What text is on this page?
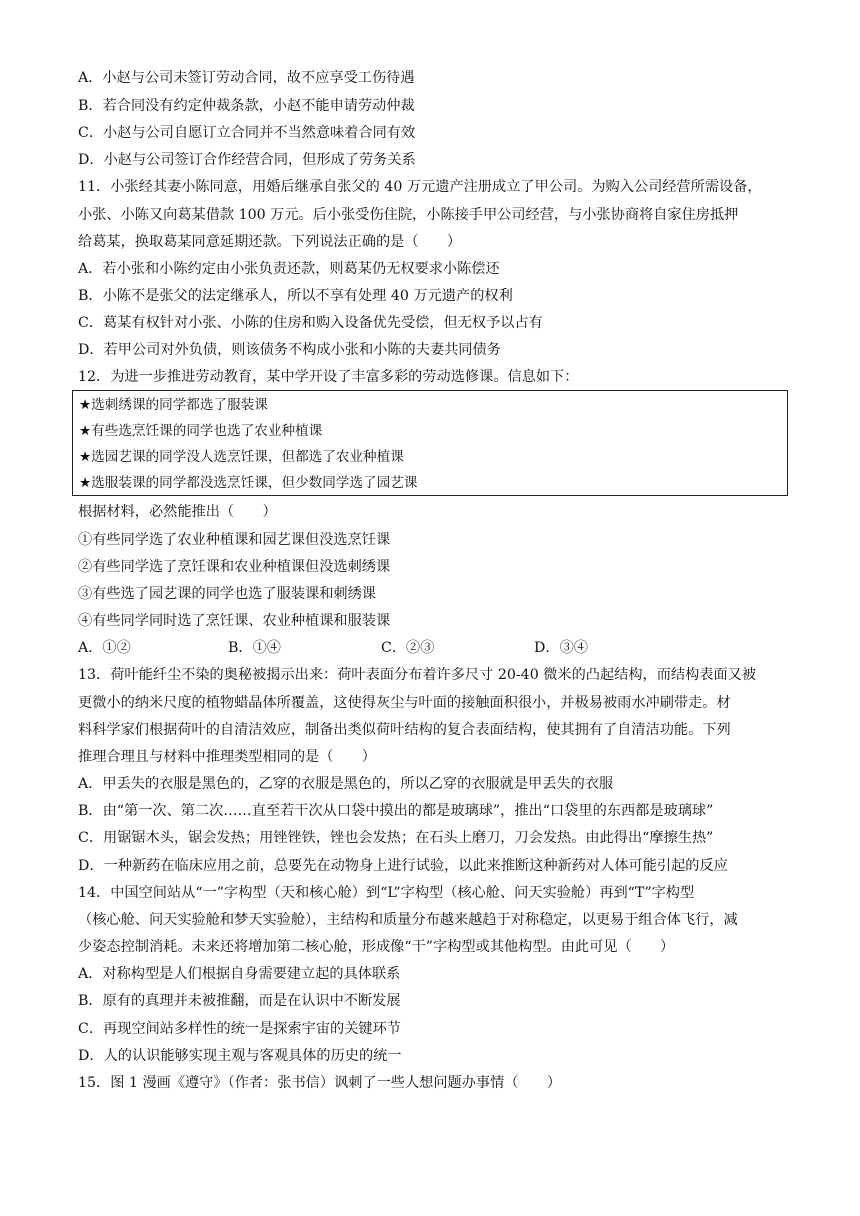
A．小赵与公司未签订劳动合同，故不应享受工伤待遇
B．若合同没有约定仲裁条款，小赵不能申请劳动仲裁
C．小赵与公司自愿订立合同并不当然意味着合同有效
D．小赵与公司签订合作经营合同，但形成了劳务关系
11．小张经其妻小陈同意，用婚后继承自张父的 40 万元遗产注册成立了甲公司。为购入公司经营所需设备，
小张、小陈又向葛某借款 100 万元。后小张受伤住院，小陈接手甲公司经营，与小张协商将自家住房抵押
给葛某，换取葛某同意延期还款。下列说法正确的是（　　）
A．若小张和小陈约定由小张负责还款，则葛某仍无权要求小陈偿还
B．小陈不是张父的法定继承人，所以不享有处理 40 万元遗产的权利
C．葛某有权针对小张、小陈的住房和购入设备优先受偿，但无权予以占有
D．若甲公司对外负债，则该债务不构成小张和小陈的夫妻共同债务
12．为进一步推进劳动教育，某中学开设了丰富多彩的劳动选修课。信息如下：
★选刺绣课的同学都选了服装课
★有些选烹饪课的同学也选了农业种植课
★选园艺课的同学没人选烹饪课，但都选了农业种植课
★选服装课的同学都没选烹饪课，但少数同学选了园艺课
根据材料，必然能推出（　　）
①有些同学选了农业种植课和园艺课但没选烹饪课
②有些同学选了烹饪课和农业种植课但没选刺绣课
③有些选了园艺课的同学也选了服装课和刺绣课
④有些同学同时选了烹饪课、农业种植课和服装课
A．①②	B．①④	C．②③	D．③④
13．荷叶能纤尘不染的奥秘被揭示出来：荷叶表面分布着许多尺寸 20-40 微米的凸起结构，而结构表面又被
更微小的纳米尺度的植物蜡晶体所覆盖，这使得灰尘与叶面的接触面积很小，并极易被雨水冲刷带走。材
料科学家们根据荷叶的自清洁效应，制备出类似荷叶结构的复合表面结构，使其拥有了自清洁功能。下列
推理合理且与材料中推理类型相同的是（　　）
A．甲丢失的衣服是黑色的，乙穿的衣服是黑色的，所以乙穿的衣服就是甲丢失的衣服
B．由“第一次、第二次……直至若干次从口袋中摸出的都是玻璃球”，推出“口袋里的东西都是玻璃球”
C．用锯锯木头，锯会发热；用锉锉铁，锉也会发热；在石头上磨刀，刀会发热。由此得出“摩擦生热”
D．一种新药在临床应用之前，总要先在动物身上进行试验，以此来推断这种新药对人体可能引起的反应
14．中国空间站从“一”字构型（天和核心舱）到“L”字构型（核心舱、问天实验舱）再到“T”字构型
（核心舱、问天实验舱和梦天实验舱），主结构和质量分布越来越趋于对称稳定，以更易于组合体飞行，减
少姿态控制消耗。未来还将增加第二核心舱，形成像“干”字构型或其他构型。由此可见（　　）
A．对称构型是人们根据自身需要建立起的具体联系
B．原有的真理并未被推翻，而是在认识中不断发展
C．再现空间站多样性的统一是探索宇宙的关键环节
D．人的认识能够实现主观与客观具体的历史的统一
15．图 1 漫画《遵守》（作者：张书信）讽刺了一些人想问题办事情（　　）
